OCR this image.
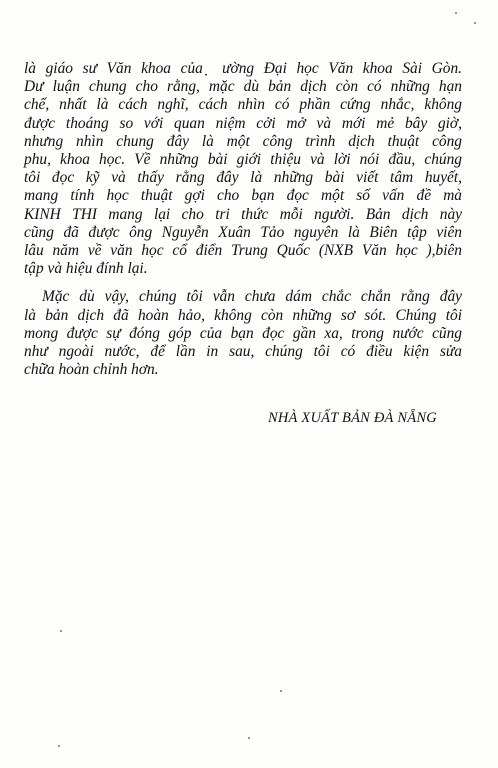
là giáo sư Văn khoa của ̣̣ ường Đại học Văn khoa Sài Gòn.
Dư luận chung cho rằng, mặc dù bản dịch còn có những hạn
chế, nhất là cách nghĩ, cách nhìn có phần cứng nhắc, không
được thoáng so với quan niệm cởi mở và mới mẻ bây giờ,
nhưng nhìn chung đây là một công trình dịch thuật công
phu, khoa học. Về những bài giới thiệu và lời nói đầu, chúng
tôi đọc kỹ và thấy rằng đây là những bài viết tâm huyết,
mang tính học thuật gợi cho bạn đọc một số vấn đề mà
KINH THI mang lại cho tri thức mỗi người. Bản dịch này
cũng đã được ông Nguyễn Xuân Tảo nguyên là Biên tập viên
lâu năm về văn học cổ điển Trung Quốc (NXB Văn học ),biên
tập và hiệu đính lại.
Mặc dù vậy, chúng tôi vẫn chưa dám chắc chắn rằng đây
là bản dịch đã hoàn hảo, không còn những sơ sót. Chúng tôi
mong được sự đóng góp của bạn đọc gần xa, trong nước cũng
như ngoài nước, để lần in sau, chúng tôi có điều kiện sửa
chữa hoàn chỉnh hơn.
NHÀ XUẤT BẢN ĐÀ NẴNG
